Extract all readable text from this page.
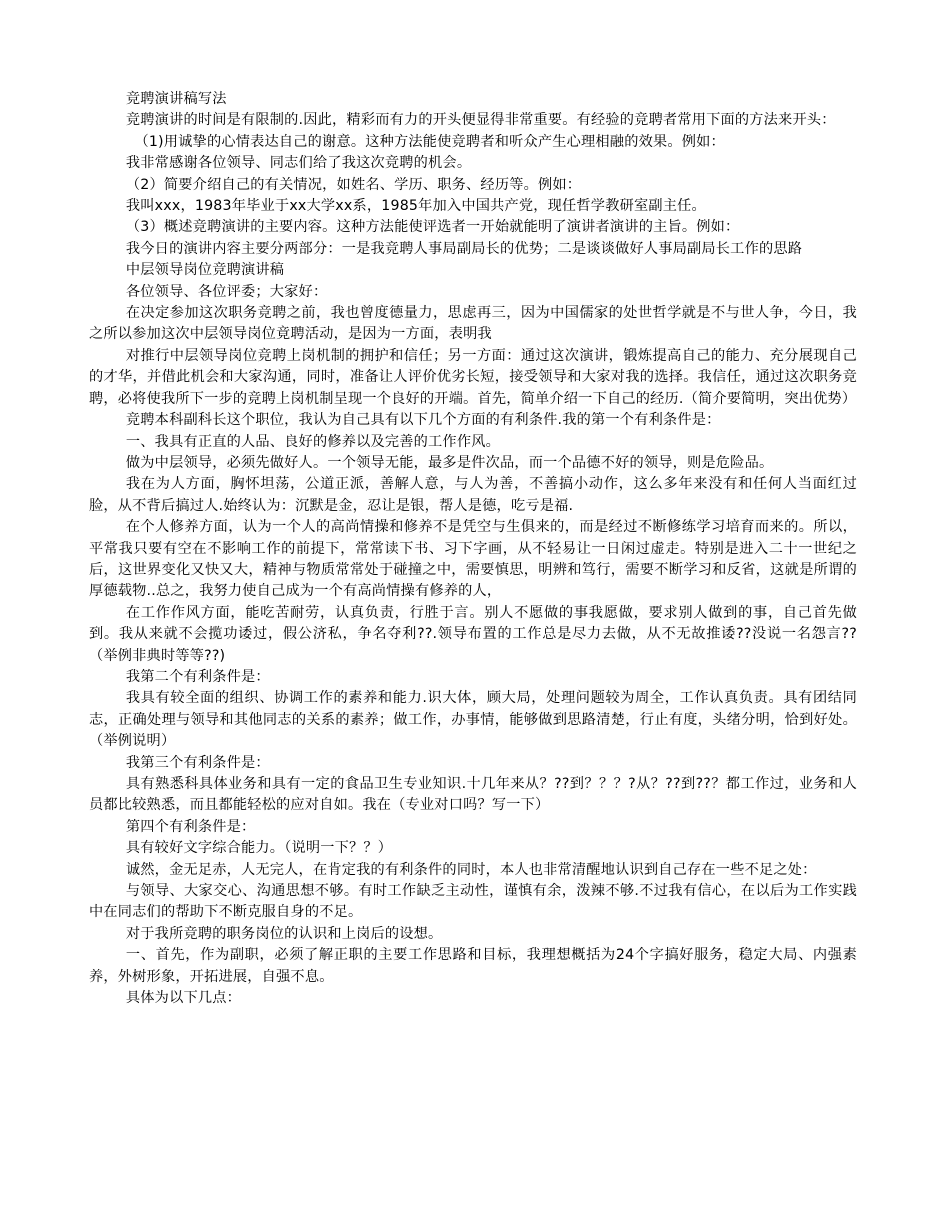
竞聘演讲稿写法

竞聘演讲的时间是有限制的.因此，精彩而有力的开头便显得非常重要。有经验的竞聘者常用下面的方法来开头：

（1)用诚挚的心情表达自己的谢意。这种方法能使竞聘者和听众产生心理相融的效果。例如：

我非常感谢各位领导、同志们给了我这次竞聘的机会。

（2）简要介绍自己的有关情况，如姓名、学历、职务、经历等。例如：

我叫xxx，1983年毕业于xx大学xx系，1985年加入中国共产党，现任哲学教研室副主任。

（3）概述竞聘演讲的主要内容。这种方法能使评选者一开始就能明了演讲者演讲的主旨。例如：

我今日的演讲内容主要分两部分：一是我竞聘人事局副局长的优势；二是谈谈做好人事局副局长工作的思路

中层领导岗位竞聘演讲稿

各位领导、各位评委；大家好：

在决定参加这次职务竞聘之前，我也曾度德量力，思虑再三，因为中国儒家的处世哲学就是不与世人争，今日，我之所以参加这次中层领导岗位竟聘活动，是因为一方面，表明我

对推行中层领导岗位竞聘上岗机制的拥护和信任；另一方面：通过这次演讲，锻炼提高自己的能力、充分展现自己的才华，并借此机会和大家沟通，同时，准备让人评价优劣长短，接受领导和大家对我的选择。我信任，通过这次职务竞聘，必将使我所下一步的竞聘上岗机制呈现一个良好的开端。首先，简单介绍一下自己的经历.（简介要简明，突出优势）

竞聘本科副科长这个职位，我认为自己具有以下几个方面的有利条件.我的第一个有利条件是：

一、我具有正直的人品、良好的修养以及完善的工作作风。

做为中层领导，必须先做好人。一个领导无能，最多是件次品，而一个品德不好的领导，则是危险品。

我在为人方面，胸怀坦荡，公道正派，善解人意，与人为善，不善搞小动作，这么多年来没有和任何人当面红过脸，从不背后搞过人.始终认为：沉默是金，忍让是银，帮人是德，吃亏是福.

在个人修养方面，认为一个人的高尚情操和修养不是凭空与生俱来的，而是经过不断修练学习培育而来的。所以，平常我只要有空在不影响工作的前提下，常常读下书、习下字画，从不轻易让一日闲过虚走。特别是进入二十一世纪之后，这世界变化又快又大，精神与物质常常处于碰撞之中，需要慎思，明辨和笃行，需要不断学习和反省，这就是所谓的厚德载物..总之，我努力使自己成为一个有高尚情操有修养的人，

在工作作风方面，能吃苦耐劳，认真负责，行胜于言。别人不愿做的事我愿做，要求别人做到的事，自己首先做到。我从来就不会揽功诿过，假公济私，争名夺利??.领导布置的工作总是尽力去做，从不无故推诿??没说一名怨言??（举例非典时等等??)

我第二个有利条件是：

我具有较全面的组织、协调工作的素养和能力.识大体，顾大局，处理问题较为周全，工作认真负责。具有团结同志，正确处理与领导和其他同志的关系的素养；做工作，办事情，能够做到思路清楚，行止有度，头绪分明，恰到好处。（举例说明）

我第三个有利条件是：

具有熟悉科具体业务和具有一定的食品卫生专业知识.十几年来从？??到？？？?从？??到??？都工作过，业务和人员都比较熟悉，而且都能轻松的应对自如。我在（专业对口吗？写一下）

第四个有利条件是：

具有较好文字综合能力。（说明一下？？）

诚然，金无足赤，人无完人，在肯定我的有利条件的同时，本人也非常清醒地认识到自己存在一些不足之处：

与领导、大家交心、沟通思想不够。有时工作缺乏主动性，谨慎有余，泼辣不够.不过我有信心，在以后为工作实践中在同志们的帮助下不断克服自身的不足。

对于我所竞聘的职务岗位的认识和上岗后的设想。

一、首先，作为副职，必须了解正职的主要工作思路和目标，我理想概括为24个字搞好服务，稳定大局、内强素养，外树形象，开拓进展，自强不息。

具体为以下几点：
